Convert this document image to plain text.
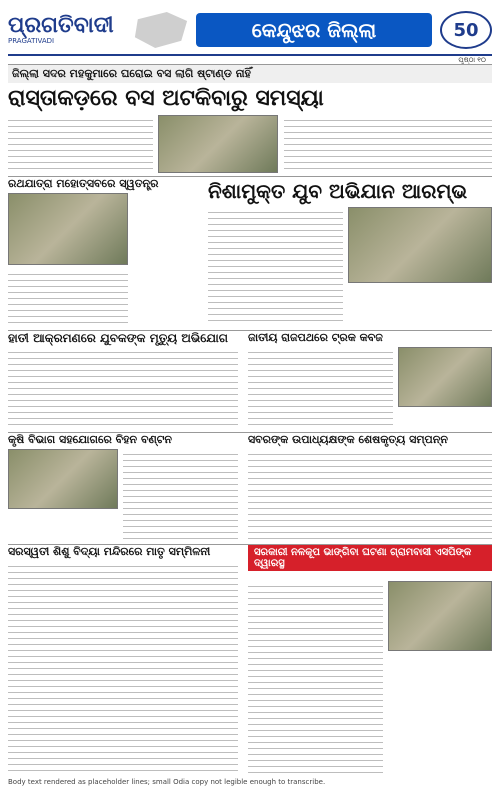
ପ୍ରଗତିବାଦୀ
PRAGATIVADI	କେନ୍ଦୁଝର ଜିଲ୍ଲା	50
ପୃଷ୍ଠା ୧୦
ଜିଲ୍ଲା ସଦର ମହକୁମାରେ ଘରୋଇ ବସ ଲାଗି ଷ୍ଟାଣ୍ଡ ନାହିଁ
ରାସ୍ତାକଡ଼ରେ ବସ ଅଟକିବାରୁ ସମସ୍ୟା
ରଥଯାତ୍ରା ମହୋତ୍ସବରେ ସ୍ୱତନ୍ତ୍ର	ନିଶାମୁକ୍ତ ଯୁବ ଅଭିଯାନ ଆରମ୍ଭ
ହାତୀ ଆକ୍ରମଣରେ ଯୁବକଙ୍କ ମୃତ୍ୟୁ ଅଭିଯୋଗ	ଜାତୀୟ ରାଜପଥରେ ଟ୍ରକ କବଜ
କୃଷି ବିଭାଗ ସହଯୋଗରେ ବିହନ ବଣ୍ଟନ	ସବରଙ୍କ ଉପାଧ୍ୟକ୍ଷଙ୍କ ଶେଷକୃତ୍ୟ ସମ୍ପନ୍ନ
ସରସ୍ୱତୀ ଶିଶୁ ବିଦ୍ୟା ମନ୍ଦିରରେ ମାତୃ ସମ୍ମିଳନୀ	ସରକାରୀ ନଳକୂପ ଭାଙ୍ଗିବା ଘଟଣା ଗ୍ରାମବାସୀ ଏସପିଙ୍କ ଦ୍ୱାରସ୍ଥ
Body text rendered as placeholder lines; small Odia copy not legible enough to transcribe.
